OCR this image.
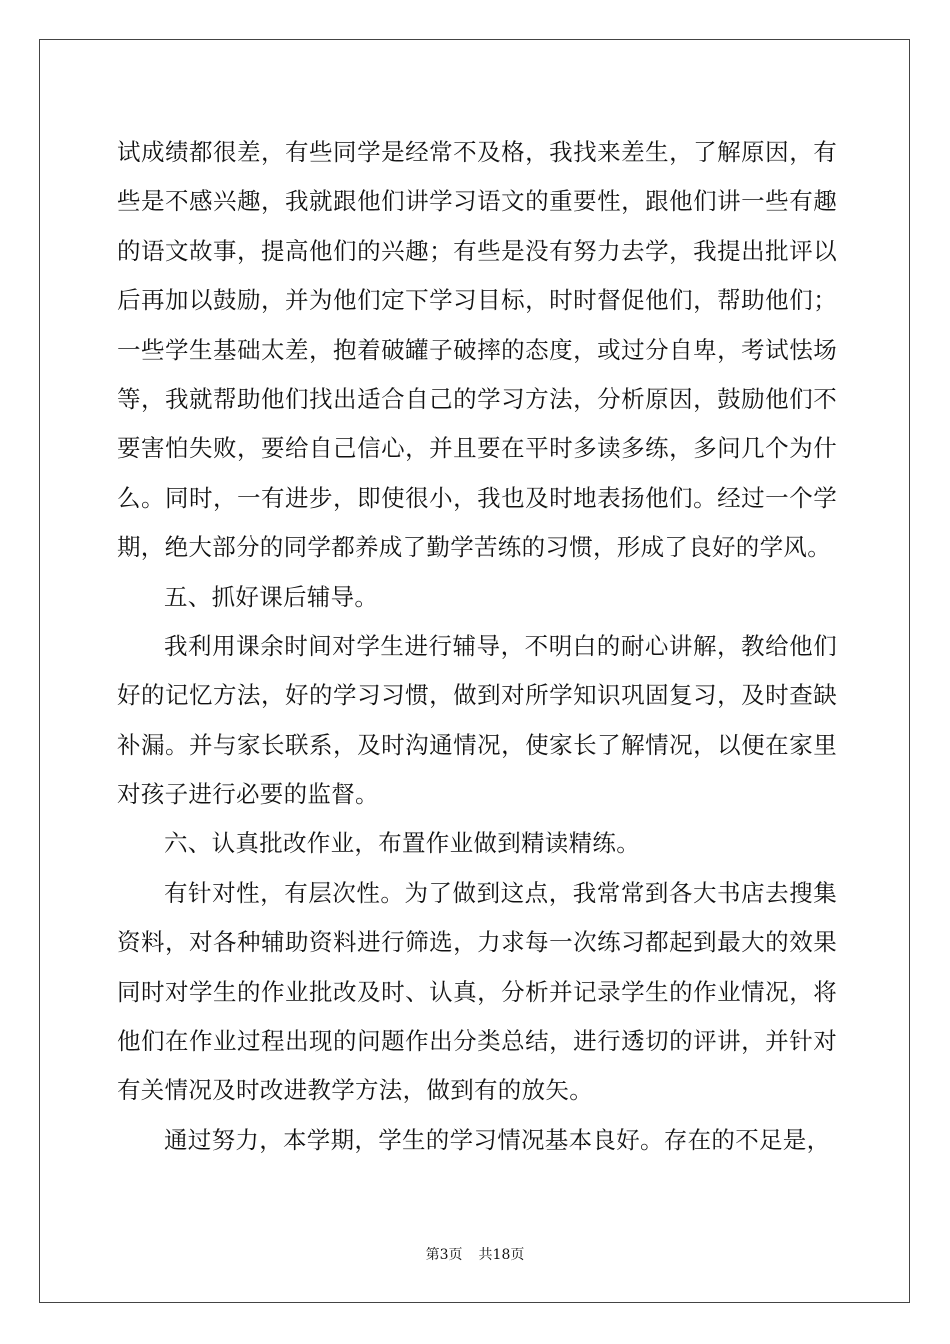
试成绩都很差，有些同学是经常不及格，我找来差生，了解原因，有
些是不感兴趣，我就跟他们讲学习语文的重要性，跟他们讲一些有趣
的语文故事，提高他们的兴趣；有些是没有努力去学，我提出批评以
后再加以鼓励，并为他们定下学习目标，时时督促他们，帮助他们；
一些学生基础太差，抱着破罐子破摔的态度，或过分自卑，考试怯场
等，我就帮助他们找出适合自己的学习方法，分析原因，鼓励他们不
要害怕失败，要给自己信心，并且要在平时多读多练，多问几个为什
么。同时，一有进步，即使很小，我也及时地表扬他们。经过一个学
期，绝大部分的同学都养成了勤学苦练的习惯，形成了良好的学风。
五、抓好课后辅导。
我利用课余时间对学生进行辅导，不明白的耐心讲解，教给他们
好的记忆方法，好的学习习惯，做到对所学知识巩固复习，及时查缺
补漏。并与家长联系，及时沟通情况，使家长了解情况，以便在家里
对孩子进行必要的监督。
六、认真批改作业，布置作业做到精读精练。
有针对性，有层次性。为了做到这点，我常常到各大书店去搜集
资料，对各种辅助资料进行筛选，力求每一次练习都起到最大的效果
同时对学生的作业批改及时、认真，分析并记录学生的作业情况，将
他们在作业过程出现的问题作出分类总结，进行透切的评讲，并针对
有关情况及时改进教学方法，做到有的放矢。
通过努力，本学期，学生的学习情况基本良好。存在的不足是，
第3页 共18页
